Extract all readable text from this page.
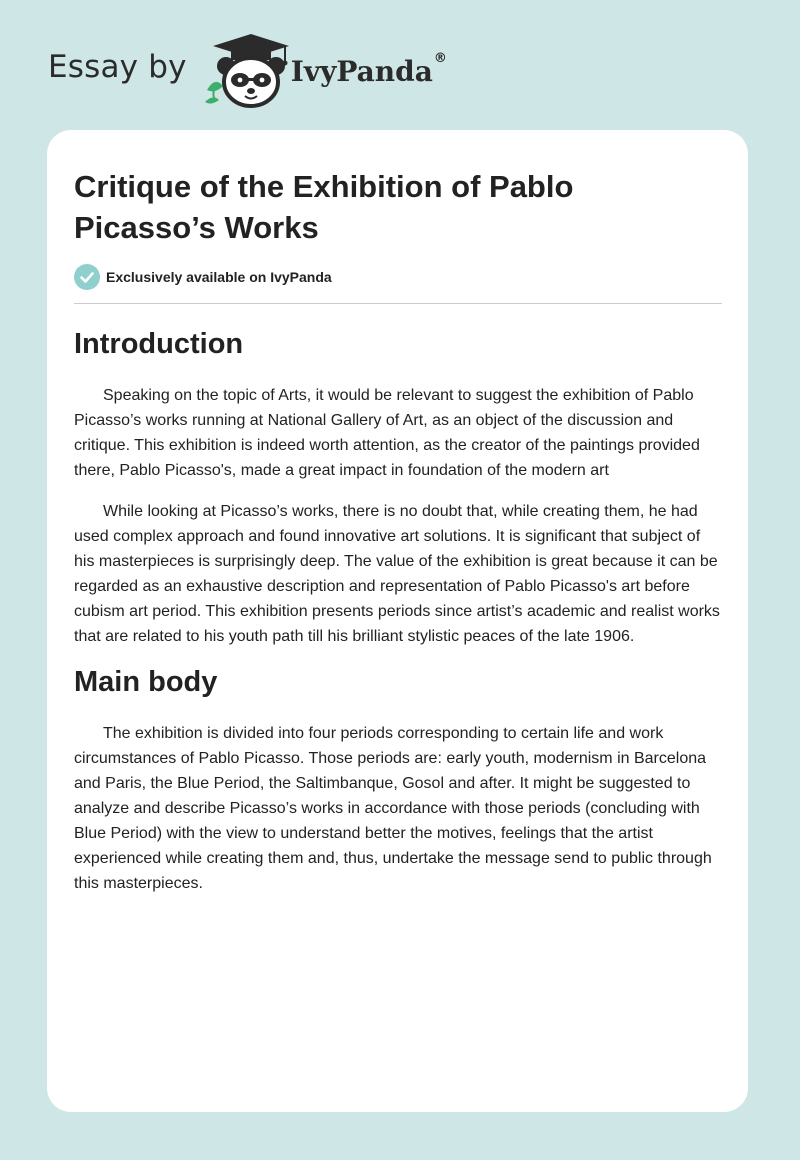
Essay by	IvyPanda®
Critique of the Exhibition of Pablo Picasso’s Works
Exclusively available on IvyPanda
Introduction

Speaking on the topic of Arts, it would be relevant to suggest the exhibition of Pablo Picasso’s works running at National Gallery of Art, as an object of the discussion and critique. This exhibition is indeed worth attention, as the creator of the paintings provided there, Pablo Picasso's, made a great impact in foundation of the modern art

While looking at Picasso’s works, there is no doubt that, while creating them, he had used complex approach and found innovative art solutions. It is significant that subject of his masterpieces is surprisingly deep. The value of the exhibition is great because it can be regarded as an exhaustive description and representation of Pablo Picasso's art before cubism art period. This exhibition presents periods since artist’s academic and realist works that are related to his youth path till his brilliant stylistic peaces of the late 1906.

Main body

The exhibition is divided into four periods corresponding to certain life and work circumstances of Pablo Picasso. Those periods are: early youth, modernism in Barcelona and Paris, the Blue Period, the Saltimbanque, Gosol and after. It might be suggested to analyze and describe Picasso’s works in accordance with those periods (concluding with Blue Period) with the view to understand better the motives, feelings that the artist experienced while creating them and, thus, undertake the message send to public through this masterpieces.
